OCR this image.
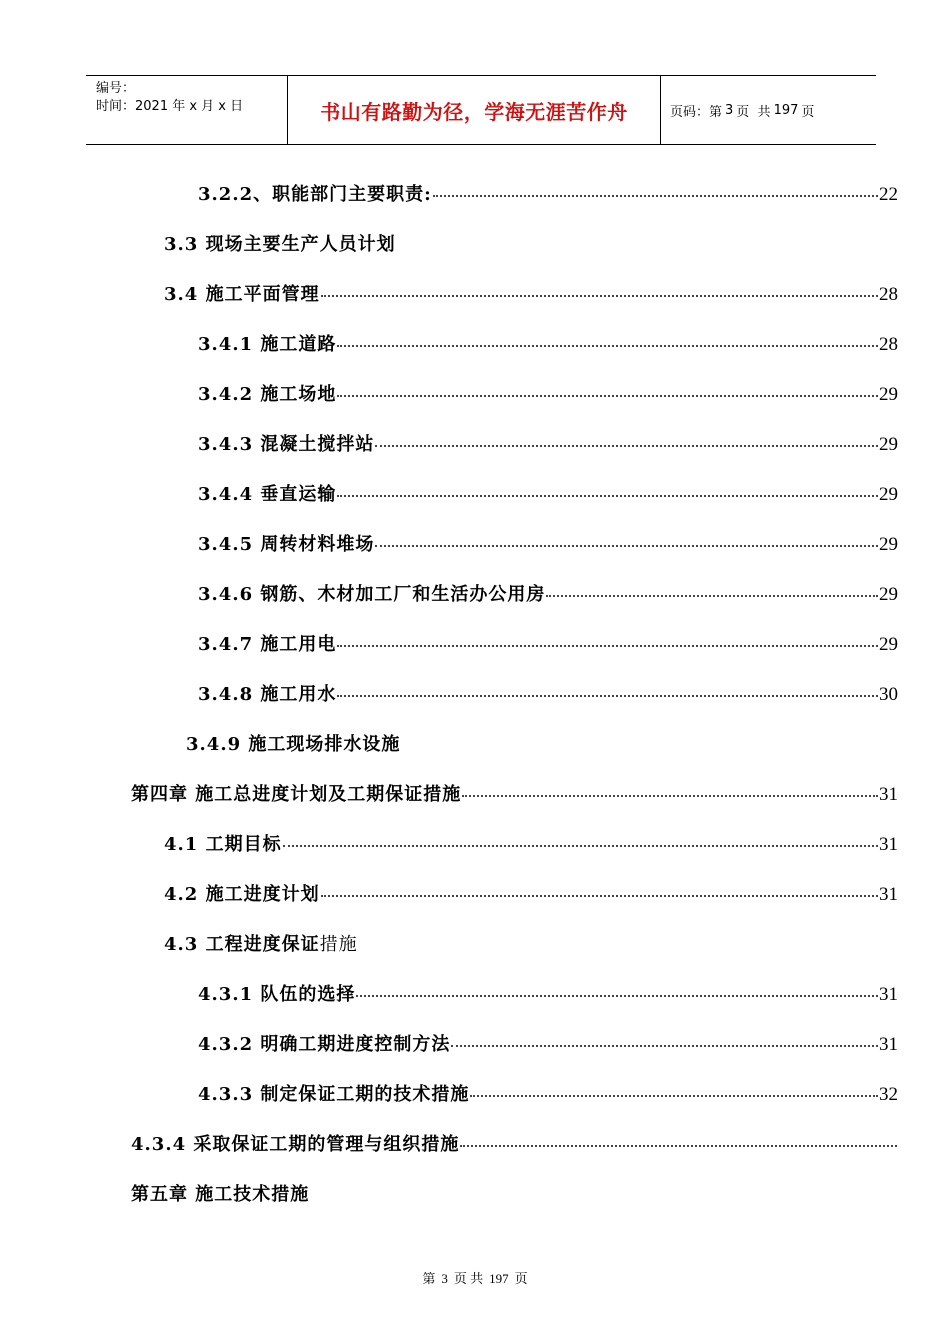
编号：
时间：2021 年 x 月 x 日	书山有路勤为径，学海无涯苦作舟	页码：第 3 页  共 197 页
3.2.2、职能部门主要职责:	22
3.3 现场主要生产人员计划
3.4 施工平面管理	28
3.4.1 施工道路	28
3.4.2 施工场地	29
3.4.3 混凝土搅拌站	29
3.4.4 垂直运输	29
3.4.5 周转材料堆场	29
3.4.6 钢筋、木材加工厂和生活办公用房	29
3.4.7 施工用电	29
3.4.8 施工用水	30
3.4.9 施工现场排水设施
第四章 施工总进度计划及工期保证措施	31
4.1 工期目标	31
4.2 施工进度计划	31
4.3 工程进度保证 措施
4.3.1 队伍的选择	31
4.3.2 明确工期进度控制方法	31
4.3.3 制定保证工期的技术措施	32
4.3.4 采取保证工期的管理与组织措施
第五章 施工技术措施
第 3 页 共 197 页
